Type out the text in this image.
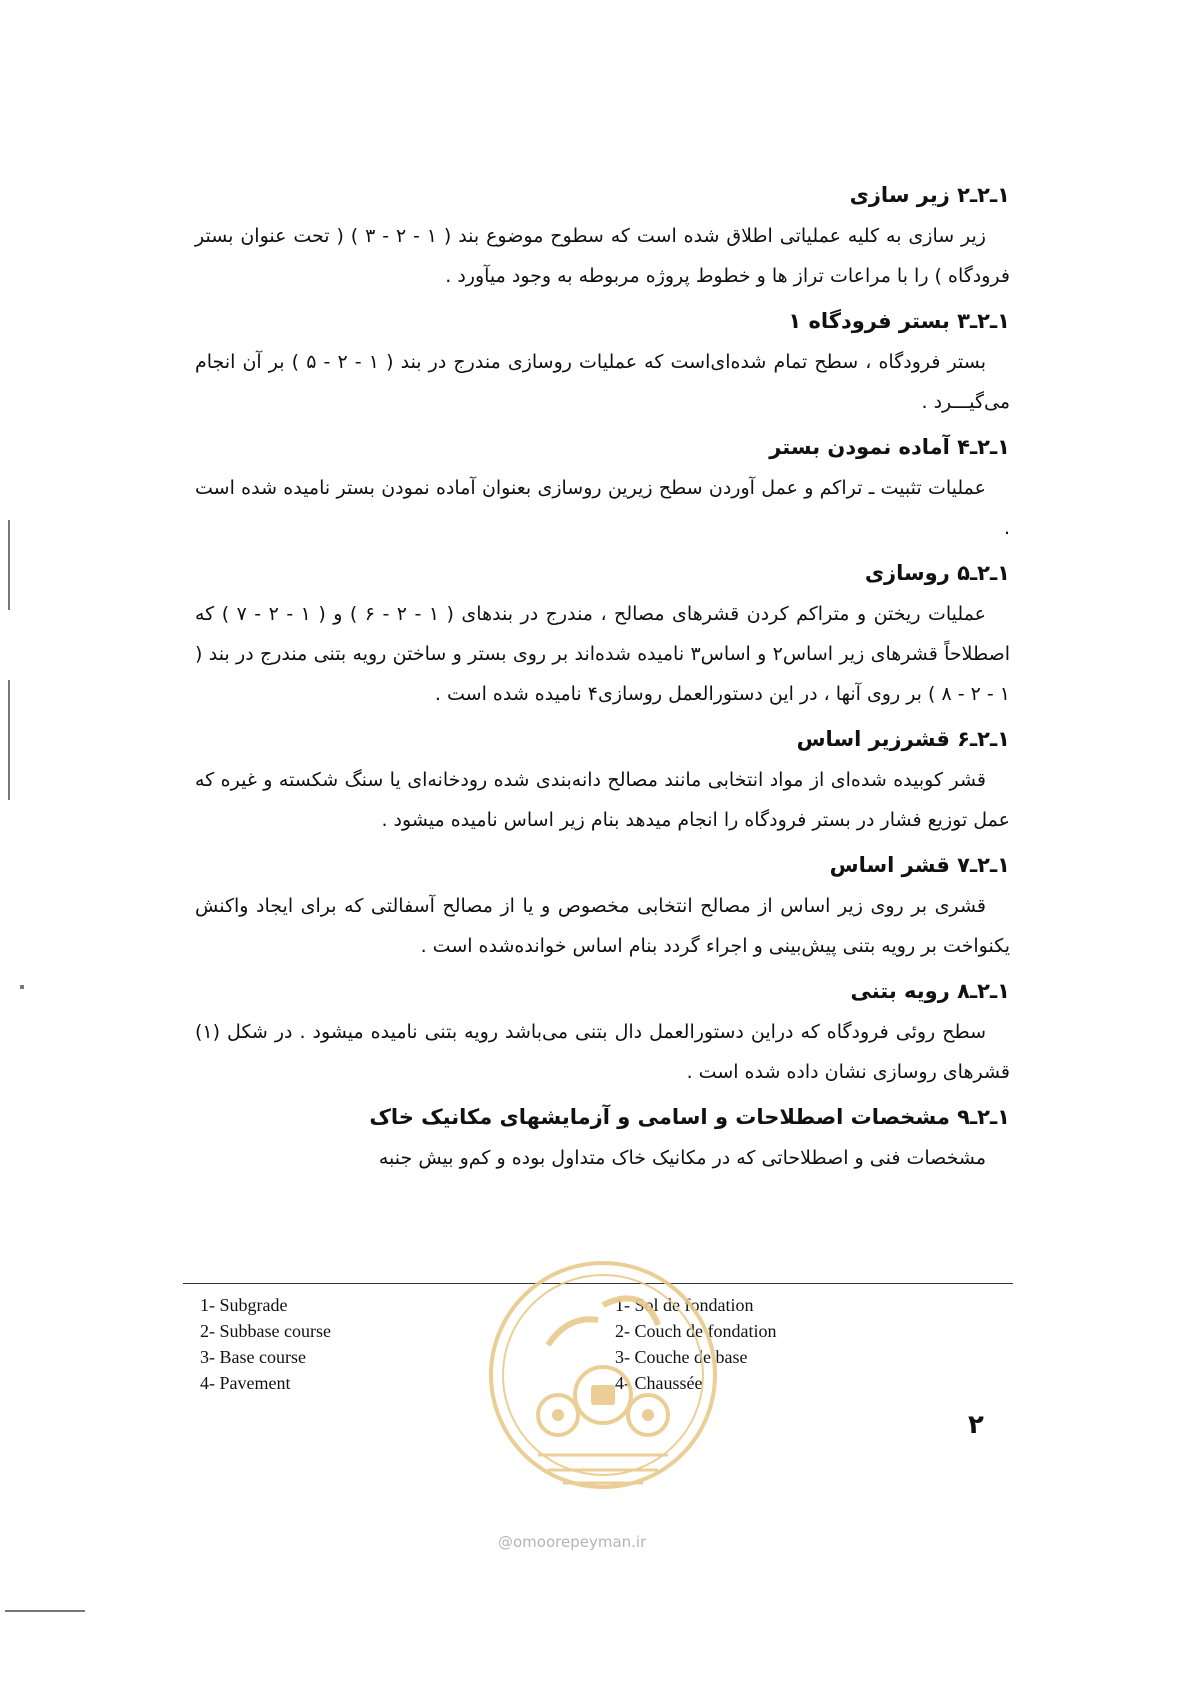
۱ـ۲ـ۲ زیر سازی

زیر سازی به کلیه عملیاتی اطلاق شده است که سطوح موضوع بند ( ۱ - ۲ - ۳ ) ( تحت عنوان بستر فرودگاه ) را با مراعات تراز ها و خطوط پروژه مربوطه به وجود میآورد .

۱ـ۲ـ۳ بستر فرودگاه ۱

بستر فرودگاه ، سطح تمام شده‌ای‌است که عملیات روسازی مندرج در بند ( ۱ - ۲ - ۵ ) بر آن انجام می‌گیـــرد .

۱ـ۲ـ۴ آماده نمودن بستر

عملیات تثبیت ـ تراکم و عمل آوردن سطح زیرین روسازی بعنوان آماده نمودن بستر نامیده شده است .

۱ـ۲ـ۵ روسازی

عملیات ریختن و متراکم کردن قشرهای مصالح ، مندرج در بندهای ( ۱ - ۲ - ۶ ) و ( ۱ - ۲ - ۷ ) که اصطلاحاً قشرهای زیر اساس۲ و اساس۳ نامیده شده‌اند بر روی بستر و ساختن رویه بتنی مندرج در بند ( ۱ - ۲ - ۸ ) بر روی آنها ، در این دستورالعمل روسازی۴ نامیده شده است .

۱ـ۲ـ۶ قشرزیر اساس

قشر کوبیده شده‌ای از مواد انتخابی مانند مصالح دانه‌بندی شده رودخانه‌ای یا سنگ شکسته و غیره که عمل توزیع فشار در بستر فرودگاه را انجام میدهد بنام زیر اساس نامیده میشود .

۱ـ۲ـ۷ قشر اساس

قشری بر روی زیر اساس از مصالح انتخابی مخصوص و یا از مصالح آسفالتی که برای ایجاد واکنش یکنواخت بر رویه بتنی پیش‌بینی و اجراء گردد بنام اساس خوانده‌شده است .

۱ـ۲ـ۸ رویه بتنی

سطح روئی فرودگاه که دراین دستورالعمل دال بتنی می‌باشد رویه بتنی نامیده میشود . در شکل (۱) قشرهای روسازی نشان داده شده است .

۱ـ۲ـ۹ مشخصات اصطلاحات و اسامی و آزمایشهای مکانیک خاک

مشخصات فنی و اصطلاحاتی که در مکانیک خاک متداول بوده و کم‌و بیش جنبه

1- Subgrade
2- Subbase course
3- Base course
4- Pavement
1- Sol de fondation
2- Couch de fondation
3- Couche de base
4- Chaussée
۲
@omoorepeyman.ir
